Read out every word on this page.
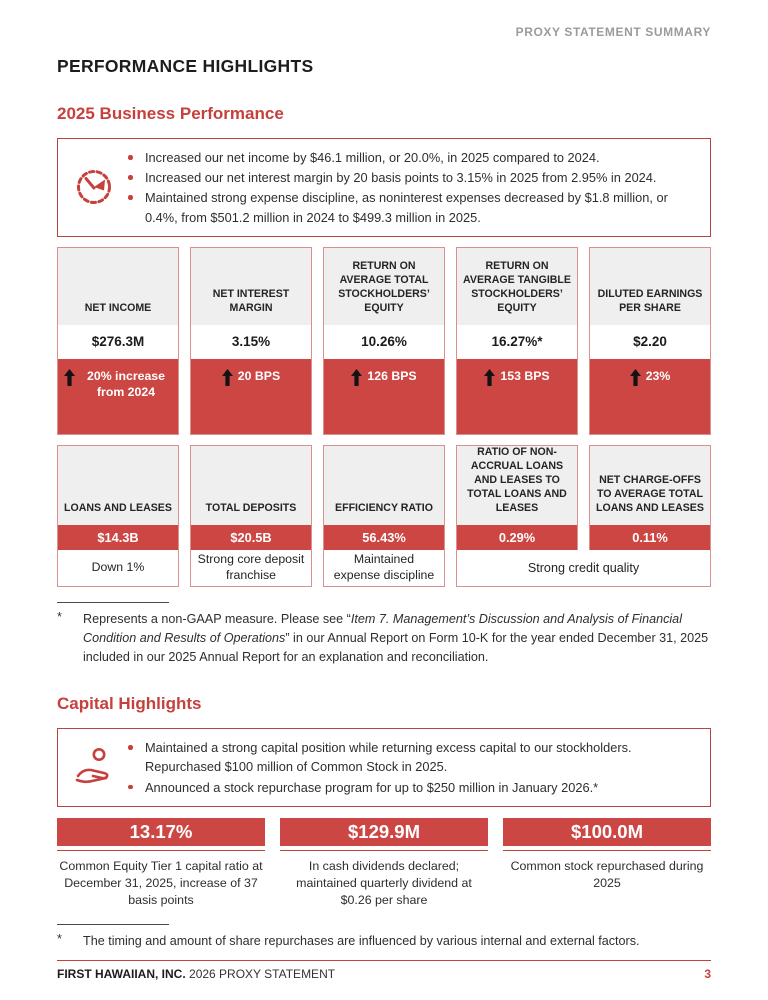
PROXY STATEMENT SUMMARY
PERFORMANCE HIGHLIGHTS
2025 Business Performance
Increased our net income by $46.1 million, or 20.0%, in 2025 compared to 2024.
Increased our net interest margin by 20 basis points to 3.15% in 2025 from 2.95% in 2024.
Maintained strong expense discipline, as noninterest expenses decreased by $1.8 million, or 0.4%, from $501.2 million in 2024 to $499.3 million in 2025.
NET INCOME
$276.3M
20% increase from 2024
NET INTEREST MARGIN
3.15%
20 BPS
RETURN ON AVERAGE TOTAL STOCKHOLDERS’ EQUITY
10.26%
126 BPS
RETURN ON AVERAGE TANGIBLE STOCKHOLDERS’ EQUITY
16.27%*
153 BPS
DILUTED EARNINGS PER SHARE
$2.20
23%
LOANS AND LEASES
$14.3B
Down 1%
TOTAL DEPOSITS
$20.5B
Strong core deposit franchise
EFFICIENCY RATIO
56.43%
Maintained expense discipline
RATIO OF NON-ACCRUAL LOANS AND LEASES TO TOTAL LOANS AND LEASES
0.29%
NET CHARGE-OFFS TO AVERAGE TOTAL LOANS AND LEASES
0.11%
Strong credit quality
*	Represents a non-GAAP measure. Please see “Item 7. Management’s Discussion and Analysis of Financial Condition and Results of Operations” in our Annual Report on Form 10-K for the year ended December 31, 2025 included in our 2025 Annual Report for an explanation and reconciliation.
Capital Highlights
Maintained a strong capital position while returning excess capital to our stockholders. Repurchased $100 million of Common Stock in 2025.
Announced a stock repurchase program for up to $250 million in January 2026.*
13.17%
Common Equity Tier 1 capital ratio at December 31, 2025, increase of 37 basis points
$129.9M
In cash dividends declared; maintained quarterly dividend at $0.26 per share
$100.0M
Common stock repurchased during 2025
*	The timing and amount of share repurchases are influenced by various internal and external factors.
FIRST HAWAIIAN, INC. 2026 PROXY STATEMENT	3
